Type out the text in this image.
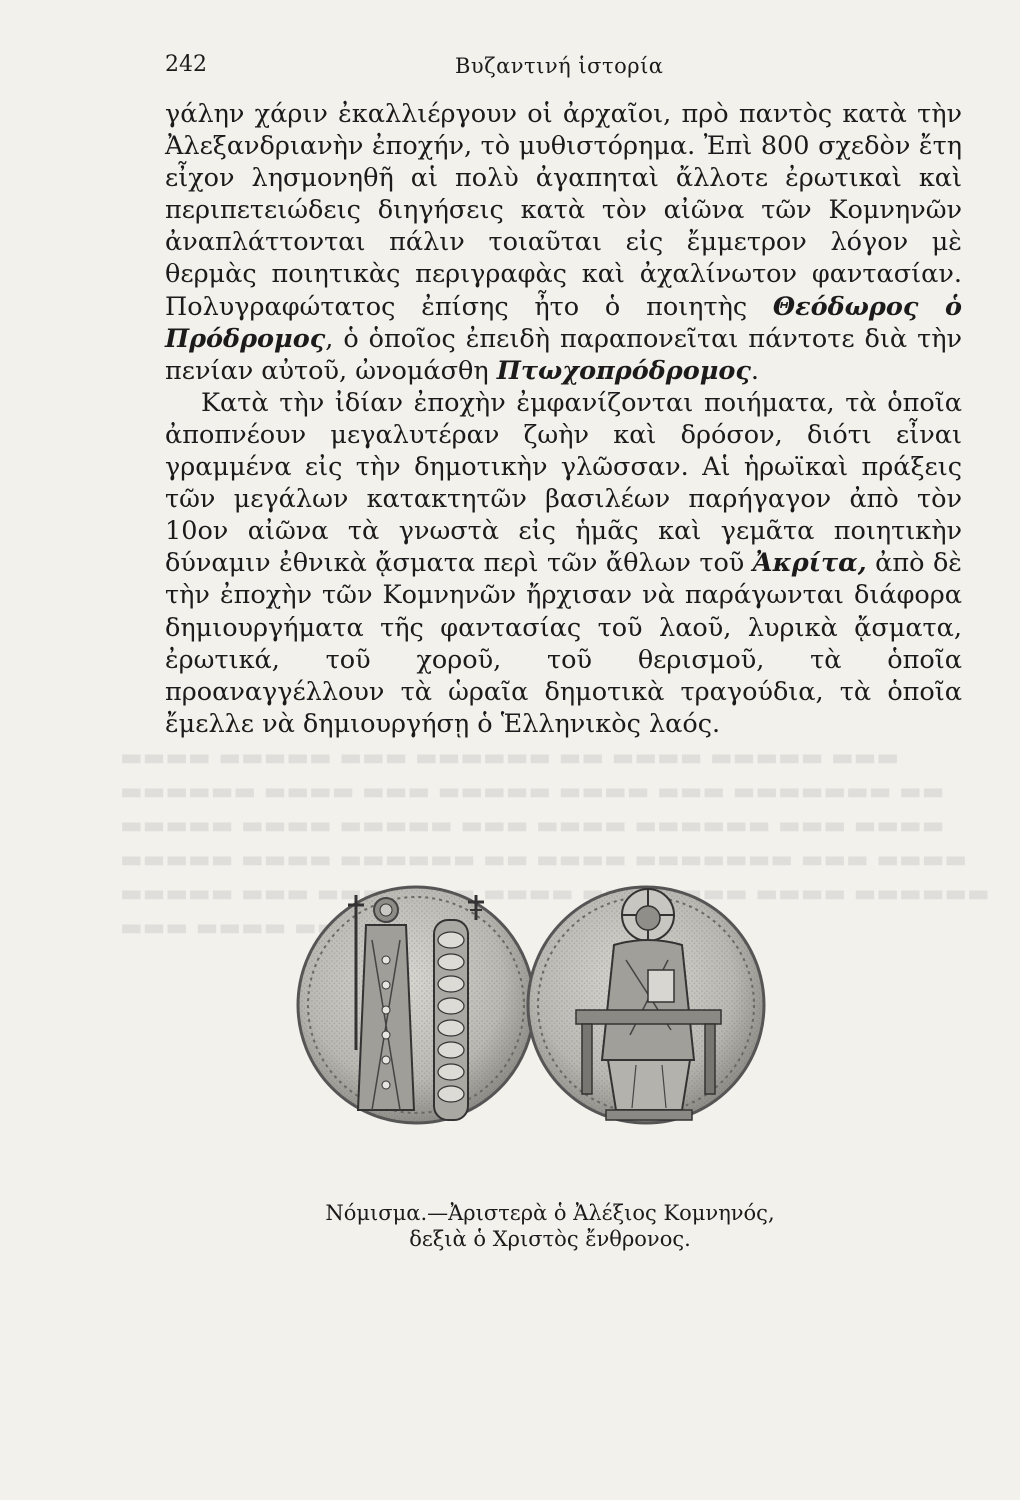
▬▬▬▬ ▬▬▬▬▬ ▬▬▬ ▬▬▬▬▬▬ ▬▬ ▬▬▬▬ ▬▬▬▬▬ ▬▬▬ ▬▬▬▬▬▬ ▬▬▬▬ ▬▬▬ ▬▬▬▬▬ ▬▬▬▬ ▬▬▬ ▬▬▬▬▬▬▬ ▬▬ ▬▬▬▬▬ ▬▬▬▬ ▬▬▬▬▬ ▬▬▬ ▬▬▬▬ ▬▬▬▬▬▬ ▬▬▬ ▬▬▬▬ ▬▬▬▬▬ ▬▬▬▬ ▬▬▬▬▬▬ ▬▬ ▬▬▬▬ ▬▬▬▬▬▬▬ ▬▬▬ ▬▬▬▬ ▬▬▬▬▬ ▬▬▬ ▬▬▬▬▬▬▬ ▬▬▬▬ ▬▬ ▬▬▬▬▬ ▬▬▬▬ ▬▬▬▬▬▬ ▬▬▬ ▬▬▬▬ ▬▬▬▬▬▬▬ ▬▬
242	Βυζαντινή ἱστορία

γάλην χάριν ἐκαλλιέργουν οἱ ἀρχαῖοι, πρὸ παντὸς κατὰ τὴν Ἀλεξανδριανὴν ἐποχήν, τὸ μυθιστόρημα. Ἐπὶ 800 σχεδὸν ἔτη εἶχον λησμονηθῆ αἱ πολὺ ἀγαπηταὶ ἄλλοτε ἐρωτικαὶ καὶ περιπετειώδεις διηγήσεις κατὰ τὸν αἰῶνα τῶν Κομνηνῶν ἀναπλάττονται πάλιν τοιαῦται εἰς ἔμμετρον λόγον μὲ θερμὰς ποιητικὰς περιγραφὰς καὶ ἀχαλίνωτον φαντασίαν. Πολυγραφώτατος ἐπίσης ἦτο ὁ ποιητὴς Θεόδωρος ὁ Πρόδρομος, ὁ ὁποῖος ἐπειδὴ παραπονεῖται πάντοτε διὰ τὴν πενίαν αὐτοῦ, ὠνομάσθη Πτωχοπρόδρομος.

Κατὰ τὴν ἰδίαν ἐποχὴν ἐμφανίζονται ποιήματα, τὰ ὁποῖα ἀποπνέουν μεγαλυτέραν ζωὴν καὶ δρόσον, διότι εἶναι γραμμένα εἰς τὴν δημοτικὴν γλῶσσαν. Αἱ ἡρωϊκαὶ πράξεις τῶν μεγάλων κατακτητῶν βασιλέων παρήγαγον ἀπὸ τὸν 10ον αἰῶνα τὰ γνωστὰ εἰς ἡμᾶς καὶ γεμᾶτα ποιητικὴν δύναμιν ἐθνικὰ ᾄσματα περὶ τῶν ἄθλων τοῦ Ἀκρίτα, ἀπὸ δὲ τὴν ἐποχὴν τῶν Κομνηνῶν ἤρχισαν νὰ παράγωνται διάφορα δημιουργήματα τῆς φαντασίας τοῦ λαοῦ, λυρικὰ ᾄσματα, ἐρωτικά, τοῦ χοροῦ, τοῦ θερισμοῦ, τὰ ὁποῖα προαναγγέλλουν τὰ ὡραῖα δημοτικὰ τραγούδια, τὰ ὁποῖα ἔμελλε νὰ δημιουργήσῃ ὁ Ἑλληνικὸς λαός.

Νόμισμα.—Ἀριστερὰ ὁ Ἀλέξιος Κομνηνός,
δεξιὰ ὁ Χριστὸς ἔνθρονος.
